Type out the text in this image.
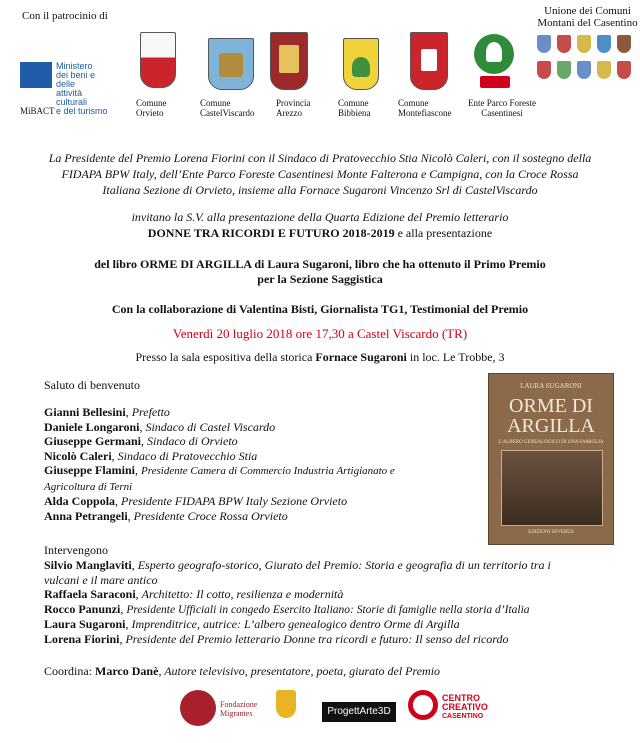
Con il patrocinio di
Ministero
dei beni e delle
attività culturali
e del turismo
MiBACT
Comune
Orvieto
Comune
CastelViscardo
Provincia
Arezzo
Comune
Bibbiena
Comune
Montefiascone
Ente Parco Foreste
Casentinesi
Unione dei Comuni
Montani del Casentino
La Presidente del Premio Lorena Fiorini con il Sindaco di Pratovecchio Stia Nicolò Caleri, con il sostegno della
FIDAPA BPW Italy, dell’Ente Parco Foreste Casentinesi Monte Falterona e Campigna, con la Croce Rossa
Italiana Sezione di Orvieto, insieme alla Fornace Sugaroni Vincenzo Srl di CastelViscardo
invitano la S.V. alla presentazione della Quarta Edizione del Premio letterario
DONNE TRA RICORDI E FUTURO 2018-2019 e alla presentazione
del libro ORME DI ARGILLA di Laura Sugaroni, libro che ha ottenuto il Primo Premio
per la Sezione Saggistica
Con la collaborazione di Valentina Bisti, Giornalista TG1, Testimonial del Premio
Venerdì 20 luglio 2018 ore 17,30 a Castel Viscardo (TR)
Presso la sala espositiva della storica Fornace Sugaroni in loc. Le Trobbe, 3
Saluto di benvenuto
Gianni Bellesini, Prefetto
Daniele Longaroni, Sindaco di Castel Viscardo
Giuseppe Germani, Sindaco di Orvieto
Nicolò Caleri, Sindaco di Pratovecchio Stia
Giuseppe Flamini, Presidente Camera di Commercio Industria Artigianato e
Agricoltura di Terni
Alda Coppola, Presidente FIDAPA BPW Italy Sezione Orvieto
Anna Petrangeli, Presidente Croce Rossa Orvieto
LAURA SUGARONI
ORME DI
ARGILLA
L’ALBERO GENEALOGICO DI UNA FAMIGLIA
EDIZIONI SEVERUS
Intervengono
Silvio Manglaviti, Esperto geografo-storico, Giurato del Premio: Storia e geografia di un territorio tra i
vulcani e il mare antico
Raffaela Saraconi, Architetto: Il cotto, resilienza e modernità
Rocco Panunzi, Presidente Ufficiali in congedo Esercito Italiano: Storie di famiglie nella storia d’Italia
Laura Sugaroni, Imprenditrice, autrice: L’albero genealogico dentro Orme di Argilla
Lorena Fiorini, Presidente del Premio letterario Donne tra ricordi e futuro: Il senso del ricordo
Coordina: Marco Danè, Autore televisivo, presentatore, poeta, giurato del Premio
Fondazione
Migrantes	ProgettArte3D
CENTRO
CREATIVO
CASENTINO
